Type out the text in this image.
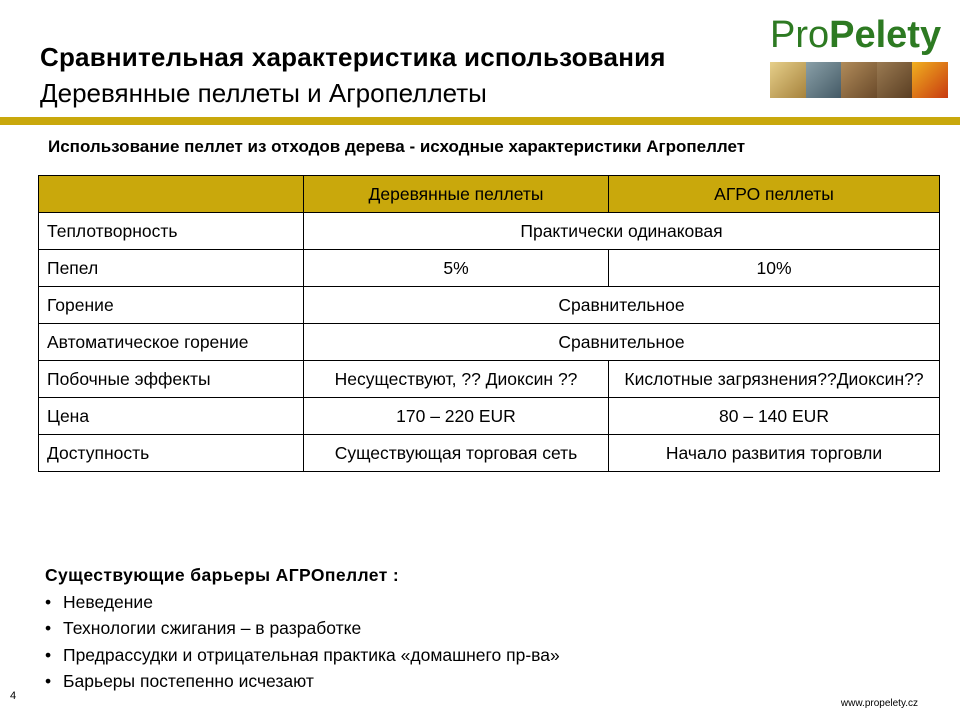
Сравнительная характеристика использования
Деревянные пеллеты и Агропеллеты
ProPeletу
Использование пеллет из отходов дерева - исходные характеристики Агропеллет
	Деревянные пеллеты	АГРО пеллеты
Теплотворность	Практически одинаковая	
Пепел	5%	10%
Горение	Сравнительное	
Автоматическое горение	Сравнительное	
Побочные эффекты	Несуществуют, ?? Диоксин ??	Кислотные загрязнения??Диоксин??
Цена	170 – 220 EUR	80 – 140 EUR
Доступность	Существующая торговая сеть	Начало развития торговли
Существующие барьеры АГРОпеллет :
• Неведение
• Технологии сжигания – в разработке
• Предрассудки и отрицательная практика «домашнего пр-ва»
• Барьеры постепенно исчезают
4
www.propelety.cz
